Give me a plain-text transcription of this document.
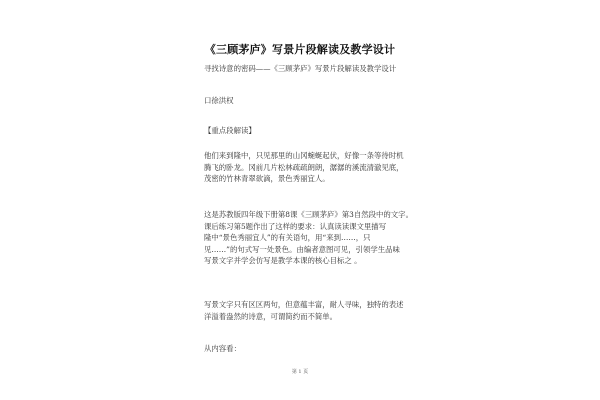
《三顾茅庐》写景片段解读及教学设计
寻找诗意的密码——《三顾茅庐》写景片段解读及教学设计
口徐洪权
【重点段解读】
他们来到隆中，只见那里的山冈蜿蜒起伏，好像一条等待时机
腾飞的卧龙。冈前几片松林疏疏朗朗，潺潺的溪流清澈见底，
茂密的竹林青翠欲滴，景色秀丽宜人。
这是苏教版四年级下册第8课《三顾茅庐》第3自然段中的文字。
课后练习第5题作出了这样的要求：认真读读课文里描写
隆中“景色秀丽宜人”的有关语句，用“来到……，只
见……”的句式写一处景色。由编者意图可见，引领学生品味
写景文字并学会仿写是教学本课的核心目标之 。
写景文字只有区区两句，但意蕴丰富，耐人寻味，独特的表述
洋溢着盎然的诗意，可谓简约而不简单。
从内容看：
第 1 页
